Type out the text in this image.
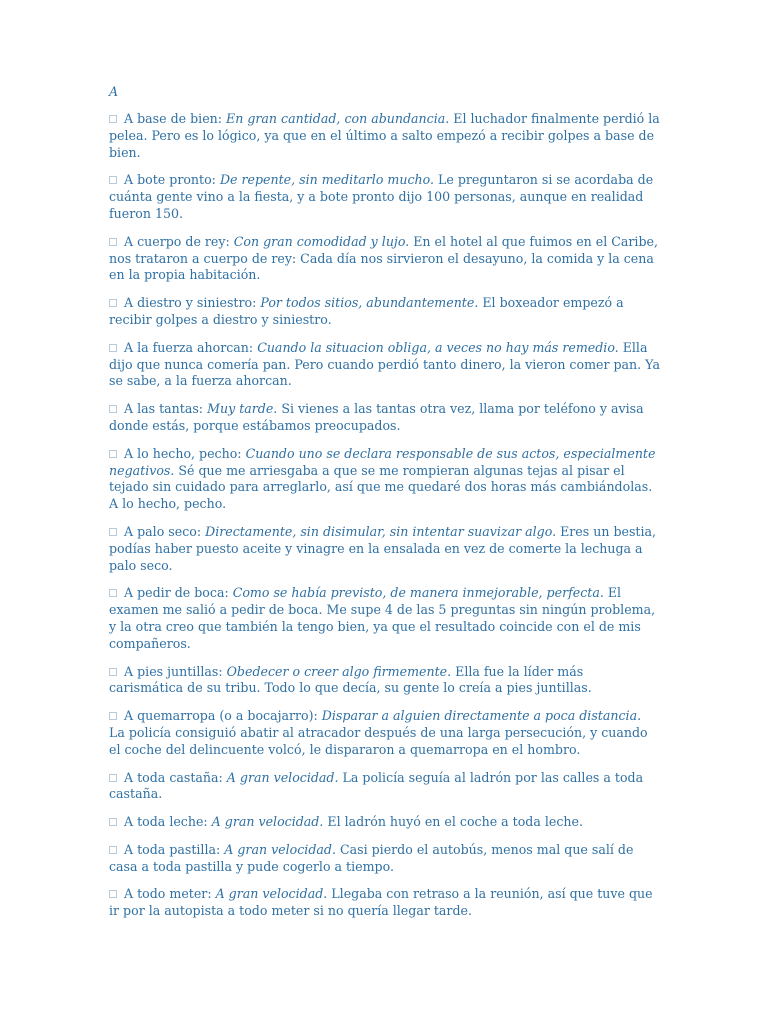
A
A base de bien: En gran cantidad, con abundancia. El luchador finalmente perdió la pelea. Pero es lo lógico, ya que en el último a salto empezó a recibir golpes a base de bien.
A bote pronto: De repente, sin meditarlo mucho. Le preguntaron si se acordaba de cuánta gente vino a la fiesta, y a bote pronto dijo 100 personas, aunque en realidad fueron 150.
A cuerpo de rey: Con gran comodidad y lujo. En el hotel al que fuimos en el Caribe, nos trataron a cuerpo de rey: Cada día nos sirvieron el desayuno, la comida y la cena en la propia habitación.
A diestro y siniestro: Por todos sitios, abundantemente. El boxeador empezó a recibir golpes a diestro y siniestro.
A la fuerza ahorcan: Cuando la situacion obliga, a veces no hay más remedio. Ella dijo que nunca comería pan. Pero cuando perdió tanto dinero, la vieron comer pan. Ya se sabe, a la fuerza ahorcan.
A las tantas: Muy tarde. Si vienes a las tantas otra vez, llama por teléfono y avisa donde estás, porque estábamos preocupados.
A lo hecho, pecho: Cuando uno se declara responsable de sus actos, especialmente negativos. Sé que me arriesgaba a que se me rompieran algunas tejas al pisar el tejado sin cuidado para arreglarlo, así que me quedaré dos horas más cambiándolas. A lo hecho, pecho.
A palo seco: Directamente, sin disimular, sin intentar suavizar algo. Eres un bestia, podías haber puesto aceite y vinagre en la ensalada en vez de comerte la lechuga a palo seco.
A pedir de boca: Como se había previsto, de manera inmejorable, perfecta. El examen me salió a pedir de boca. Me supe 4 de las 5 preguntas sin ningún problema, y la otra creo que también la tengo bien, ya que el resultado coincide con el de mis compañeros.
A pies juntillas: Obedecer o creer algo firmemente. Ella fue la líder más carismática de su tribu. Todo lo que decía, su gente lo creía a pies juntillas.
A quemarropa (o a bocajarro): Disparar a alguien directamente a poca distancia. La policía consiguió abatir al atracador después de una larga persecución, y cuando el coche del delincuente volcó, le dispararon a quemarropa en el hombro.
A toda castaña: A gran velocidad. La policía seguía al ladrón por las calles a toda castaña.
A toda leche: A gran velocidad. El ladrón huyó en el coche a toda leche.
A toda pastilla: A gran velocidad. Casi pierdo el autobús, menos mal que salí de casa a toda pastilla y pude cogerlo a tiempo.
A todo meter: A gran velocidad. Llegaba con retraso a la reunión, así que tuve que ir por la autopista a todo meter si no quería llegar tarde.
